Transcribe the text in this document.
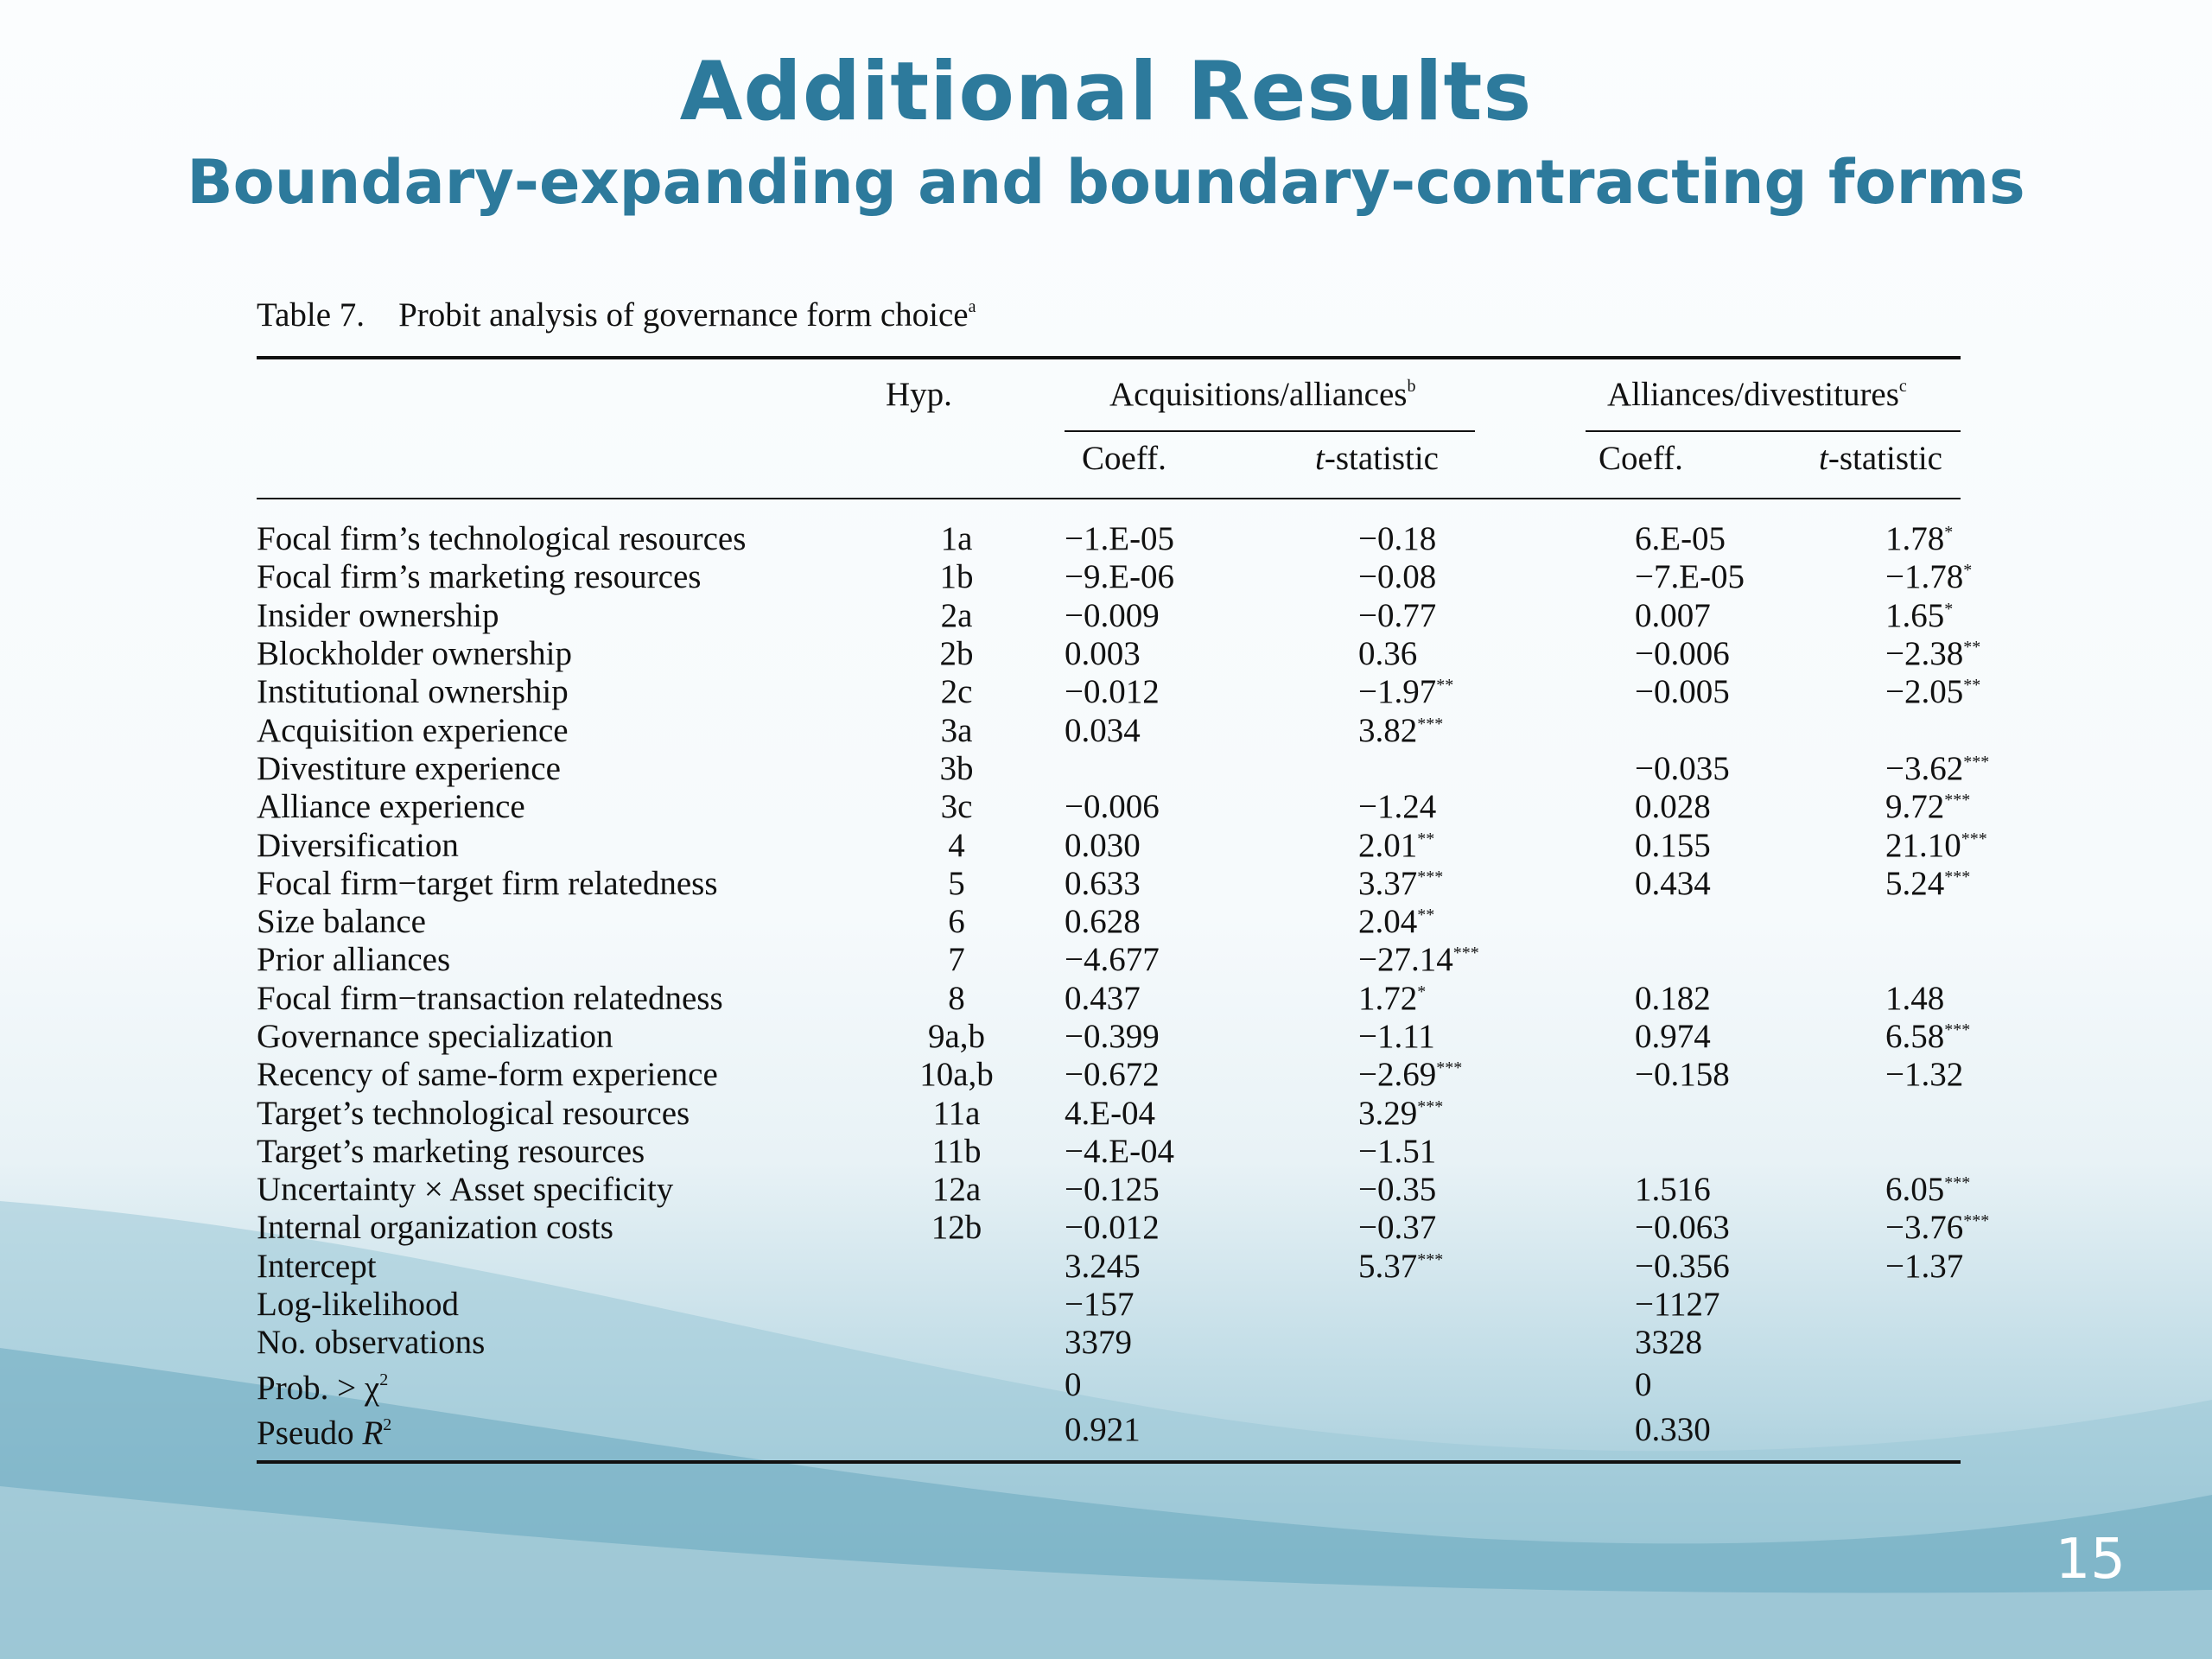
Additional Results
Boundary-expanding and boundary-contracting forms
Table 7. Probit analysis of governance form choice$^a$
Hyp.	Acquisitions/alliances$^b$	Alliances/divestitures$^c$
Coeff.	t-statistic	Coeff.	t-statistic
Focal firm’s technological resources	1a	−1.E-05	−0.18	6.E-05	1.78*
Focal firm’s marketing resources	1b	−9.E-06	−0.08	−7.E-05	−1.78*
Insider ownership	2a	−0.009	−0.77	0.007	1.65*
Blockholder ownership	2b	0.003	0.36	−0.006	−2.38**
Institutional ownership	2c	−0.012	−1.97**	−0.005	−2.05**
Acquisition experience	3a	0.034	3.82***		
Divestiture experience	3b			−0.035	−3.62***
Alliance experience	3c	−0.006	−1.24	0.028	9.72***
Diversification	4	0.030	2.01**	0.155	21.10***
Focal firm−target firm relatedness	5	0.633	3.37***	0.434	5.24***
Size balance	6	0.628	2.04**		
Prior alliances	7	−4.677	−27.14***		
Focal firm−transaction relatedness	8	0.437	1.72*	0.182	1.48
Governance specialization	9a,b	−0.399	−1.11	0.974	6.58***
Recency of same-form experience	10a,b	−0.672	−2.69***	−0.158	−1.32
Target’s technological resources	11a	4.E-04	3.29***		
Target’s marketing resources	11b	−4.E-04	−1.51		
Uncertainty × Asset specificity	12a	−0.125	−0.35	1.516	6.05***
Internal organization costs	12b	−0.012	−0.37	−0.063	−3.76***
Intercept		3.245	5.37***	−0.356	−1.37
Log-likelihood		−157		−1127	
No. observations		3379		3328	
Prob. > $\chi^2$		0		0	
Pseudo $R^2$		0.921		0.330	
15
